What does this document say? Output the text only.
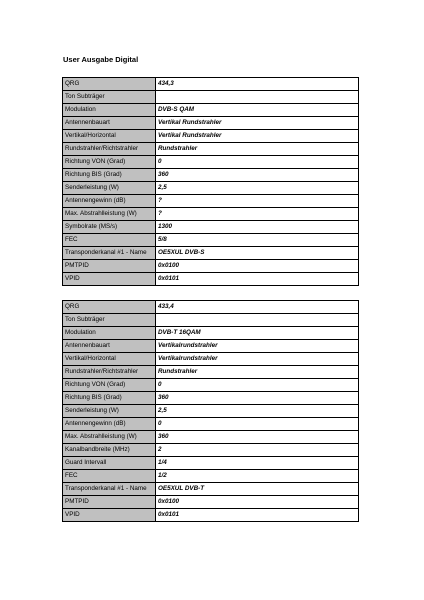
User Ausgabe Digital
QRG	434,3
Ton Subträger	
Modulation	DVB-S QAM
Antennenbauart	Vertikal Rundstrahler
Vertikal/Horizontal	Vertikal Rundstrahler
Rundstrahler/Richtstrahler	Rundstrahler
Richtung VON (Grad)	0
Richtung BIS (Grad)	360
Senderleistung (W)	2,5
Antennengewinn (dB)	?
Max. Abstrahlleistung (W)	?
Symbolrate (MS/s)	1300
FEC	5/8
Transponderkanal #1 - Name	OE5XUL DVB-S
PMTPID	0x0100
VPID	0x0101
QRG	433,4
Ton Subträger	
Modulation	DVB-T 16QAM
Antennenbauart	Vertikalrundstrahler
Vertikal/Horizontal	Vertikalrundstrahler
Rundstrahler/Richtstrahler	Rundstrahler
Richtung VON (Grad)	0
Richtung BIS (Grad)	360
Senderleistung (W)	2,5
Antennengewinn (dB)	0
Max. Abstrahlleistung (W)	360
Kanalbandbreite (MHz)	2
Guard Intervall	1/4
FEC	1/2
Transponderkanal #1 - Name	OE5XUL DVB-T
PMTPID	0x0100
VPID	0x0101
